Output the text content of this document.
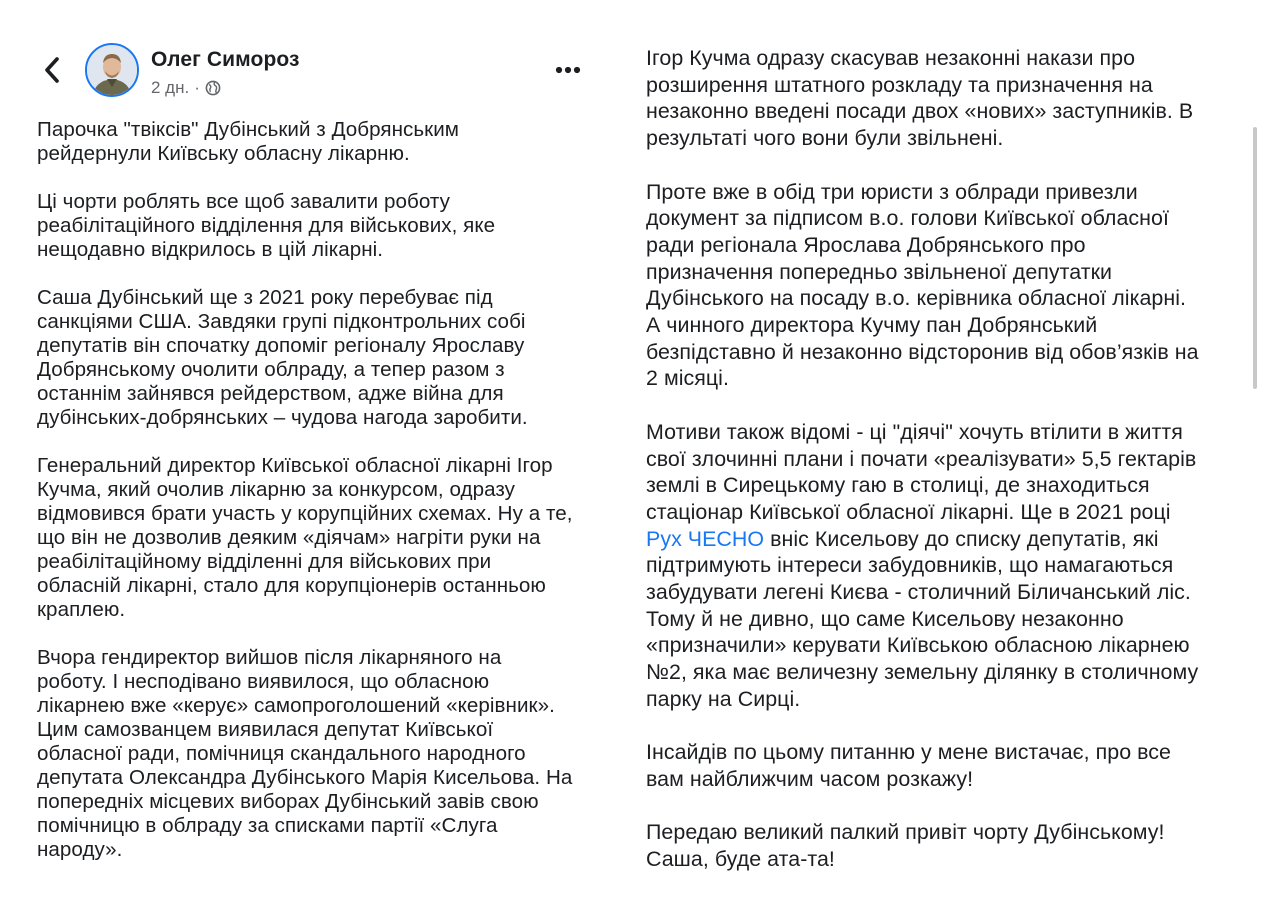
Олег Симороз
2 дн. ·

Парочка "твіксів" Дубінський з Добрянським
рейдернули Київську обласну лікарню.

Ці чорти роблять все щоб завалити роботу
реабілітаційного відділення для військових, яке
нещодавно відкрилось в цій лікарні.

Саша Дубінський ще з 2021 року перебуває під
санкціями США. Завдяки групі підконтрольних собі
депутатів він спочатку допоміг регіоналу Ярославу
Добрянському очолити облраду, а тепер разом з
останнім зайнявся рейдерством, адже війна для
дубінських-добрянських – чудова нагода заробити.

Генеральний директор Київської обласної лікарні Ігор
Кучма, який очолив лікарню за конкурсом, одразу
відмовився брати участь у корупційних схемах. Ну а те,
що він не дозволив деяким «діячам» нагріти руки на
реабілітаційному відділенні для військових при
обласній лікарні, стало для корупціонерів останньою
краплею.

Вчора гендиректор вийшов після лікарняного на
роботу. І несподівано виявилося, що обласною
лікарнею вже «керує» самопроголошений «керівник».
Цим самозванцем виявилася депутат Київської
обласної ради, помічниця скандального народного
депутата Олександра Дубінського Марія Кисельова. На
попередніх місцевих виборах Дубінський завів свою
помічницю в облраду за списками партії «Слуга
народу».

Ігор Кучма одразу скасував незаконні накази про
розширення штатного розкладу та призначення на
незаконно введені посади двох «нових» заступників. В
результаті чого вони були звільнені.

Проте вже в обід три юристи з облради привезли
документ за підписом в.о. голови Київської обласної
ради регіонала Ярослава Добрянського про
призначення попередньо звільненої депутатки
Дубінського на посаду в.о. керівника обласної лікарні.
А чинного директора Кучму пан Добрянський
безпідставно й незаконно відсторонив від обов’язків на
2 місяці.

Мотиви також відомі - ці "діячі" хочуть втілити в життя
свої злочинні плани і почати «реалізувати» 5,5 гектарів
землі в Сирецькому гаю в столиці, де знаходиться
стаціонар Київської обласної лікарні. Ще в 2021 році
Рух ЧЕСНО вніс Кисельову до списку депутатів, які
підтримують інтереси забудовників, що намагаються
забудувати легені Києва - столичний Біличанський ліс.
Тому й не дивно, що саме Кисельову незаконно
«призначили» керувати Київською обласною лікарнею
№2, яка має величезну земельну ділянку в столичному
парку на Сирці.

Інсайдів по цьому питанню у мене вистачає, про все
вам найближчим часом розкажу!

Передаю великий палкий привіт чорту Дубінському!
Саша, буде ата-та!
